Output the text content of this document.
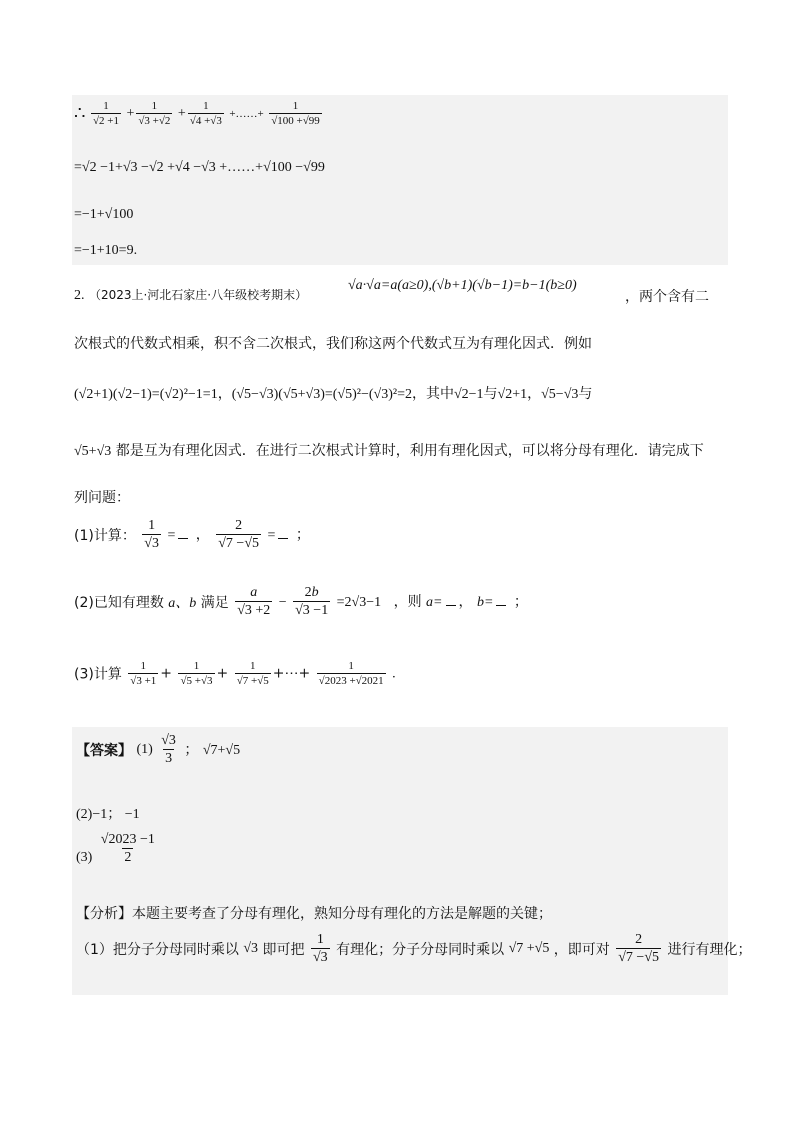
∴ $\frac{1}{√2 +1} + \frac{1}{√3 +√2} + \frac{1}{√4 +√3}$ +……+ $\frac{1}{√100 +√99}$
=√2 −1+√3 −√2 +√4 −√3 +……+√100 −√99
=−1+√100
=−1+10=9.
2. （2023上·河北石家庄·八年级校考期末）
√a·√a=a(a≥0),(√b+1)(√b−1)=b−1(b≥0)
，两个含有二
次根式的代数式相乘，积不含二次根式，我们称这两个代数式互为有理化因式．例如
(√2+1)(√2−1)=(√2)²−1=1，(√5−√3)(√5+√3)=(√5)²−(√3)²=2，其中√2−1与√2+1，√5−√3与
√5+√3 都是互为有理化因式．在进行二次根式计算时，利用有理化因式，可以将分母有理化．请完成下
列问题：
(1)计算： $\frac{1}{√3}$ = ， $\frac{2}{√7 -√5}$ = ；
(2)已知有理数 a、b 满足 $\frac{a}{√3 +2} - \frac{2b}{√3 -1} =2√3-1$ ，则 a= ， b= ；
(3)计算 $\frac{1}{√3 +1} + \frac{1}{√5 +√3} + \frac{1}{√7 +√5}$ +⋯+ $\frac{1}{√2023 +√2021}$ .
【答案】 $(1) \frac{√3}{3}$ ； √7+√5
(2)−1； −1
$(3) \frac{√2023 -1}{2}$
【分析】本题主要考查了分母有理化，熟知分母有理化的方法是解题的关键；
（1）把分子分母同时乘以 √3 即可把 $\frac{1}{√3}$ 有理化；分子分母同时乘以 √7 +√5 ，即可对 $\frac{2}{√7 -√5}$ 进行有理化；
